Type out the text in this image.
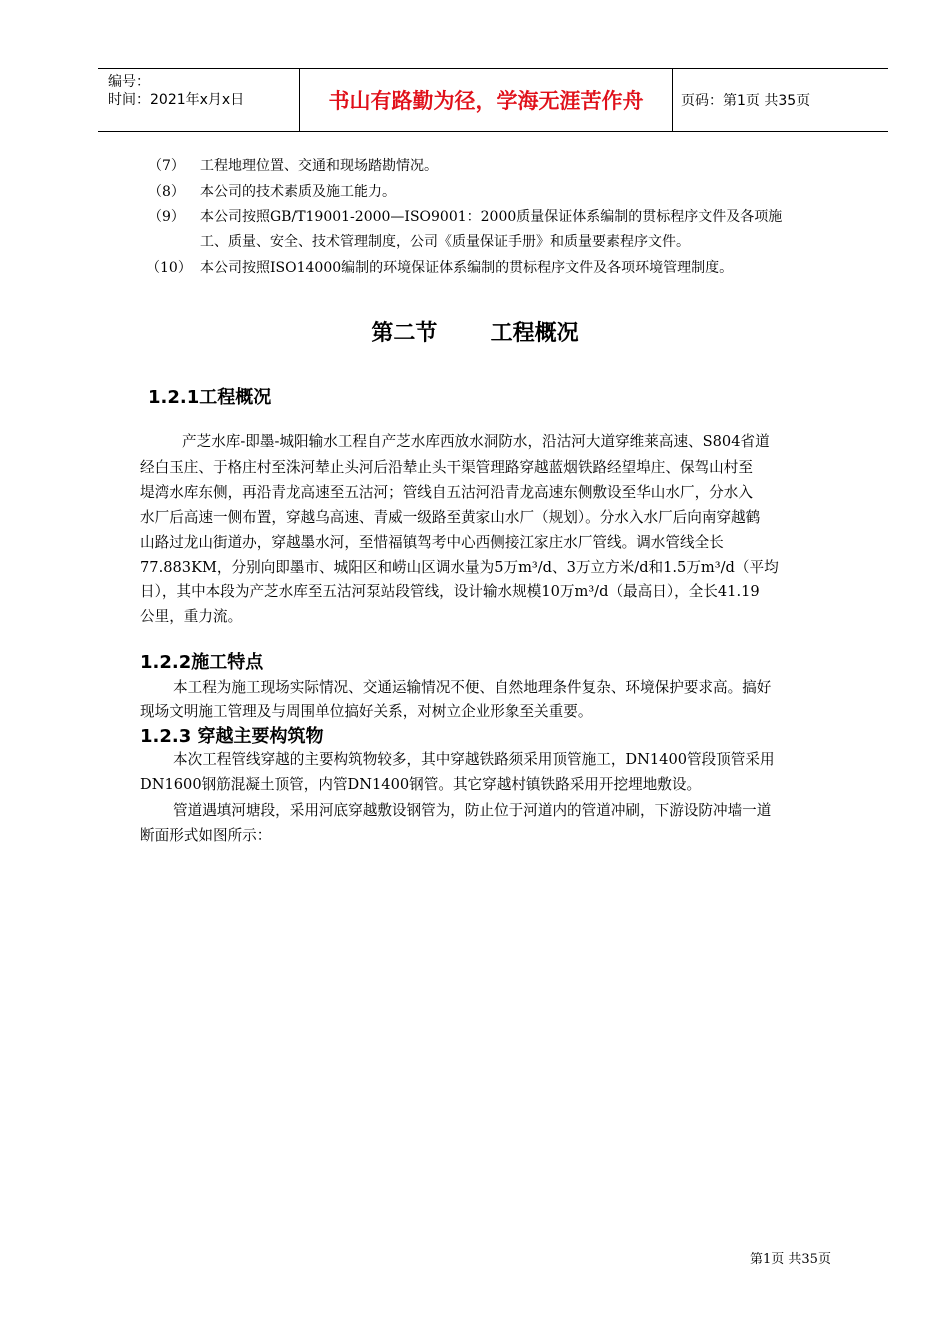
编号：
时间：2021年x月x日	书山有路勤为径，学海无涯苦作舟	页码：第1页 共35页
（7） 工程地理位置、交通和现场踏勘情况。
（8） 本公司的技术素质及施工能力。
（9） 本公司按照GB/T19001-2000—ISO9001：2000质量保证体系编制的贯标程序文件及各项施
工、质量、安全、技术管理制度，公司《质量保证手册》和质量要素程序文件。
（10） 本公司按照ISO14000编制的环境保证体系编制的贯标程序文件及各项环境管理制度。
第二节 工程概况
1.2.1工程概况
产芝水库-即墨-城阳输水工程自产芝水库西放水洞防水，沿沽河大道穿维莱高速、S804省道
经白玉庄、于格庄村至洙河辇止头河后沿辇止头干渠管理路穿越蓝烟铁路经望埠庄、保驾山村至
堤湾水库东侧，再沿青龙高速至五沽河；管线自五沽河沿青龙高速东侧敷设至华山水厂，分水入
水厂后高速一侧布置，穿越乌高速、青威一级路至黄家山水厂（规划）。分水入水厂后向南穿越鹤
山路过龙山街道办，穿越墨水河，至惜福镇驾考中心西侧接江家庄水厂管线。调水管线全长
77.883KM，分别向即墨市、城阳区和崂山区调水量为5万m³/d、3万立方米/d和1.5万m³/d（平均
日），其中本段为产芝水库至五沽河泵站段管线，设计输水规模10万m³/d（最高日），全长41.19
公里，重力流。
1.2.2施工特点
本工程为施工现场实际情况、交通运输情况不便、自然地理条件复杂、环境保护要求高。搞好
现场文明施工管理及与周围单位搞好关系，对树立企业形象至关重要。
1.2.3 穿越主要构筑物
本次工程管线穿越的主要构筑物较多，其中穿越铁路须采用顶管施工，DN1400管段顶管采用
DN1600钢筋混凝土顶管，内管DN1400钢管。其它穿越村镇铁路采用开挖埋地敷设。
管道遇填河塘段，采用河底穿越敷设钢管为，防止位于河道内的管道冲刷，下游设防冲墙一道
断面形式如图所示：
第1页 共35页
